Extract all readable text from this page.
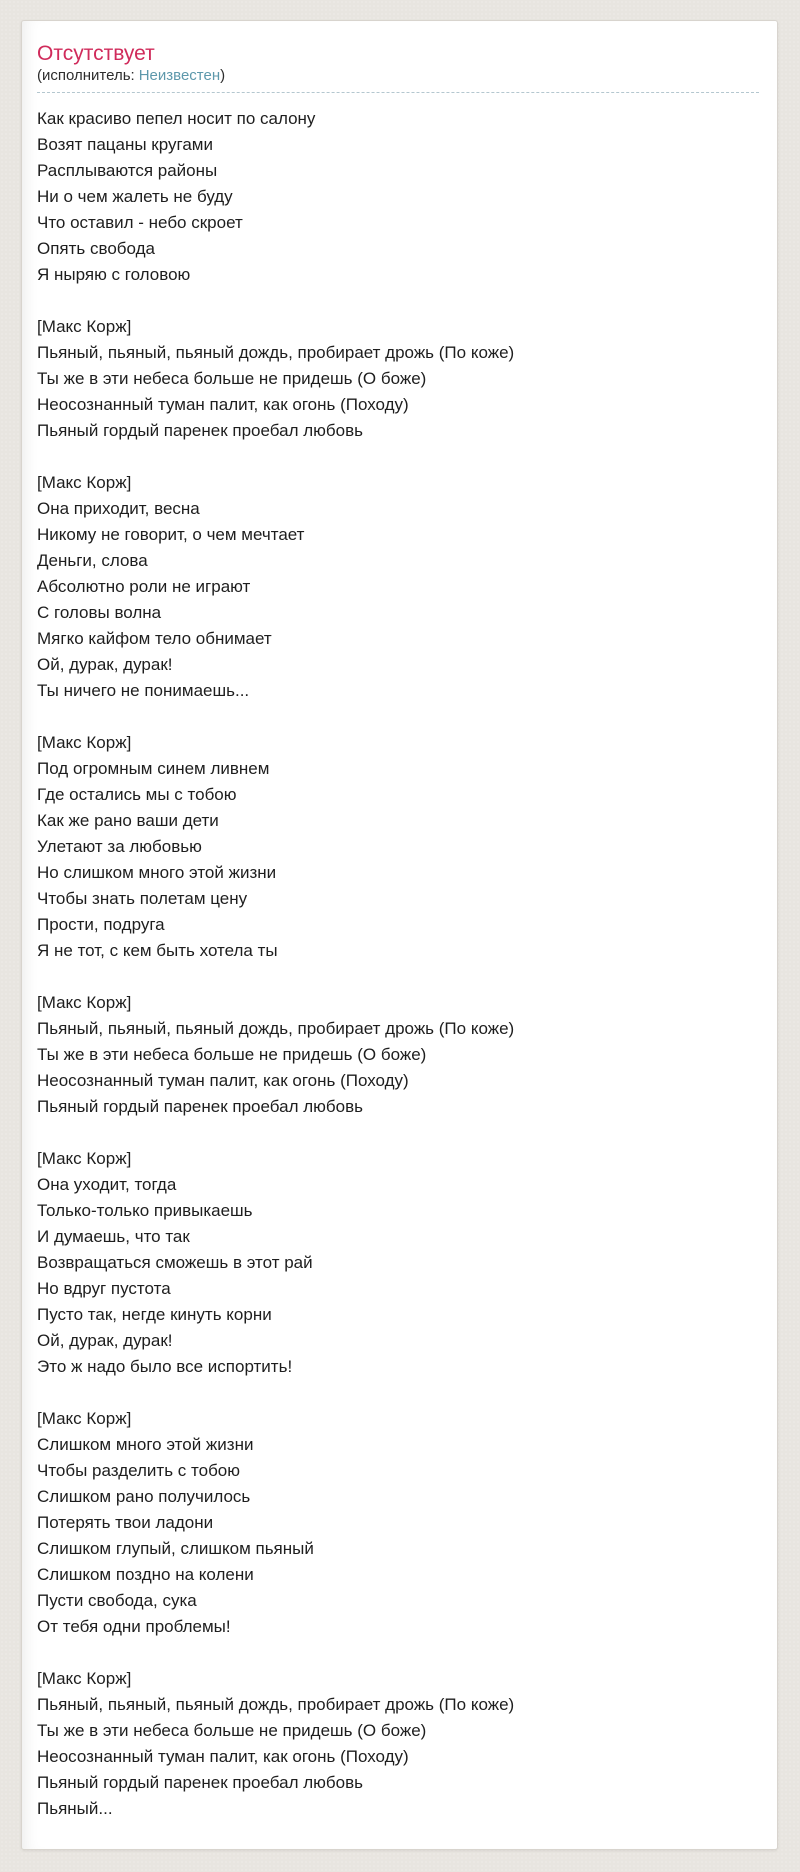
Отсутствует
(исполнитель: Неизвестен)

Как красиво пепел носит по салону
Возят пацаны кругами
Расплываются районы
Ни о чем жалеть не буду
Что оставил - небо скроет
Опять свобода
Я ныряю с головою

[Макс Корж]
Пьяный, пьяный, пьяный дождь, пробирает дрожь (По коже)
Ты же в эти небеса больше не придешь (О боже)
Неосознанный туман палит, как огонь (Походу)
Пьяный гордый паренек проебал любовь

[Макс Корж]
Она приходит, весна
Никому не говорит, о чем мечтает
Деньги, слова
Абсолютно роли не играют
С головы волна
Мягко кайфом тело обнимает
Ой, дурак, дурак!
Ты ничего не понимаешь...

[Макс Корж]
Под огромным синем ливнем
Где остались мы с тобою
Как же рано ваши дети
Улетают за любовью
Но слишком много этой жизни
Чтобы знать полетам цену
Прости, подруга
Я не тот, с кем быть хотела ты

[Макс Корж]
Пьяный, пьяный, пьяный дождь, пробирает дрожь (По коже)
Ты же в эти небеса больше не придешь (О боже)
Неосознанный туман палит, как огонь (Походу)
Пьяный гордый паренек проебал любовь

[Макс Корж]
Она уходит, тогда
Только-только привыкаешь
И думаешь, что так
Возвращаться сможешь в этот рай
Но вдруг пустота
Пусто так, негде кинуть корни
Ой, дурак, дурак!
Это ж надо было все испортить!

[Макс Корж]
Слишком много этой жизни
Чтобы разделить с тобою
Слишком рано получилось
Потерять твои ладони
Слишком глупый, слишком пьяный
Слишком поздно на колени
Пусти свобода, сука
От тебя одни проблемы!

[Макс Корж]
Пьяный, пьяный, пьяный дождь, пробирает дрожь (По коже)
Ты же в эти небеса больше не придешь (О боже)
Неосознанный туман палит, как огонь (Походу)
Пьяный гордый паренек проебал любовь
Пьяный...
